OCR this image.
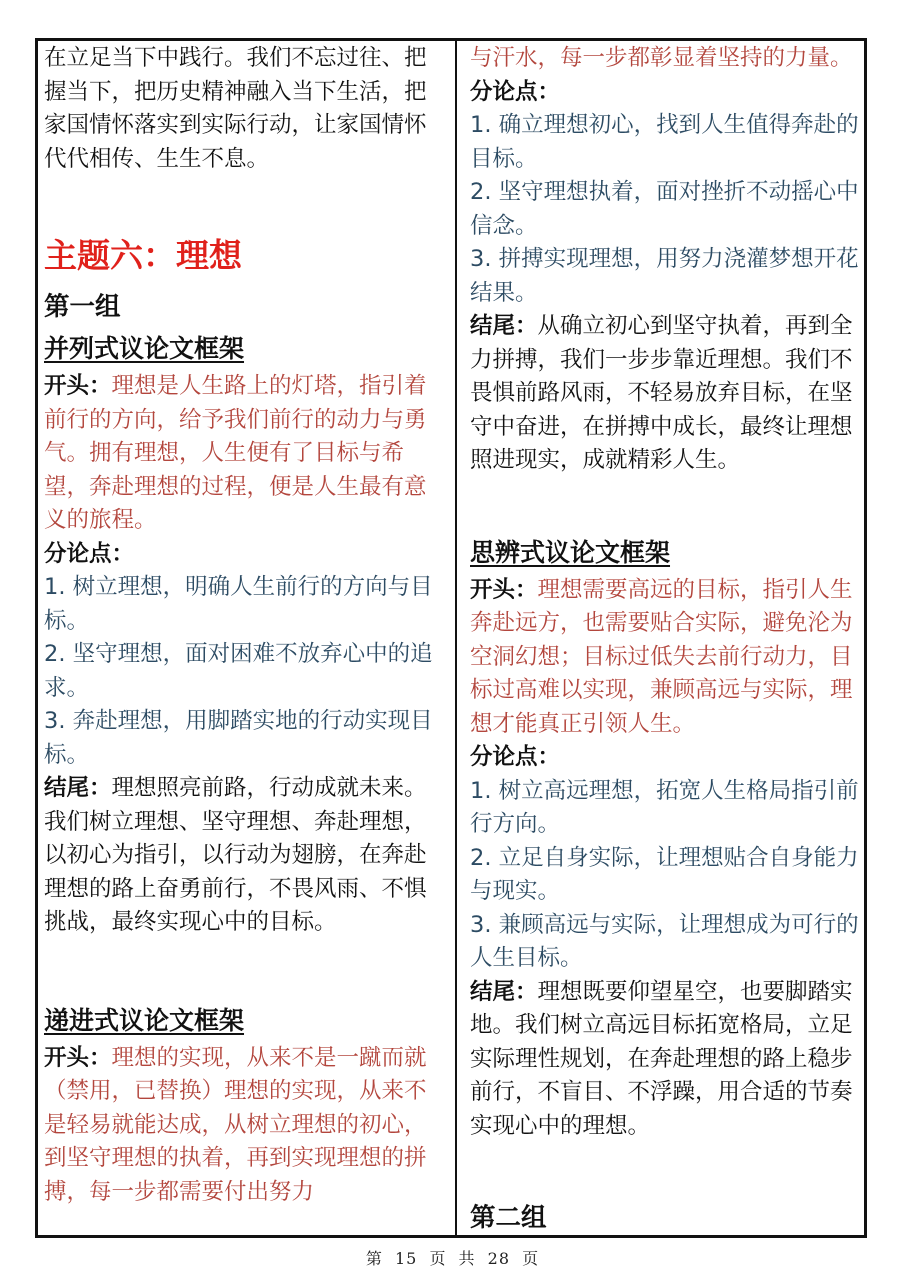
在立足当下中践行。我们不忘过往、把握当下，把历史精神融入当下生活，把家国情怀落实到实际行动，让家国情怀代代相传、生生不息。

主题六：理想
第一组
并列式议论文框架

开头：理想是人生路上的灯塔，指引着前行的方向，给予我们前行的动力与勇气。拥有理想，人生便有了目标与希望，奔赴理想的过程，便是人生最有意义的旅程。

分论点：

1. 树立理想，明确人生前行的方向与目标。

2. 坚守理想，面对困难不放弃心中的追求。

3. 奔赴理想，用脚踏实地的行动实现目标。

结尾：理想照亮前路，行动成就未来。我们树立理想、坚守理想、奔赴理想，以初心为指引，以行动为翅膀，在奔赴理想的路上奋勇前行，不畏风雨、不惧挑战，最终实现心中的目标。

递进式议论文框架

开头：理想的实现，从来不是一蹴而就（禁用，已替换）理想的实现，从来不是轻易就能达成，从树立理想的初心，到坚守理想的执着，再到实现理想的拼搏，每一步都需要付出努力

与汗水，每一步都彰显着坚持的力量。

分论点：

1. 确立理想初心，找到人生值得奔赴的目标。

2. 坚守理想执着，面对挫折不动摇心中信念。

3. 拼搏实现理想，用努力浇灌梦想开花结果。

结尾：从确立初心到坚守执着，再到全力拼搏，我们一步步靠近理想。我们不畏惧前路风雨，不轻易放弃目标，在坚守中奋进，在拼搏中成长，最终让理想照进现实，成就精彩人生。

思辨式议论文框架

开头：理想需要高远的目标，指引人生奔赴远方，也需要贴合实际，避免沦为空洞幻想；目标过低失去前行动力，目标过高难以实现，兼顾高远与实际，理想才能真正引领人生。

分论点：

1. 树立高远理想，拓宽人生格局指引前行方向。

2. 立足自身实际，让理想贴合自身能力与现实。

3. 兼顾高远与实际，让理想成为可行的人生目标。

结尾：理想既要仰望星空，也要脚踏实地。我们树立高远目标拓宽格局，立足实际理性规划，在奔赴理想的路上稳步前行，不盲目、不浮躁，用合适的节奏实现心中的理想。

第二组
第 15 页 共 28 页
